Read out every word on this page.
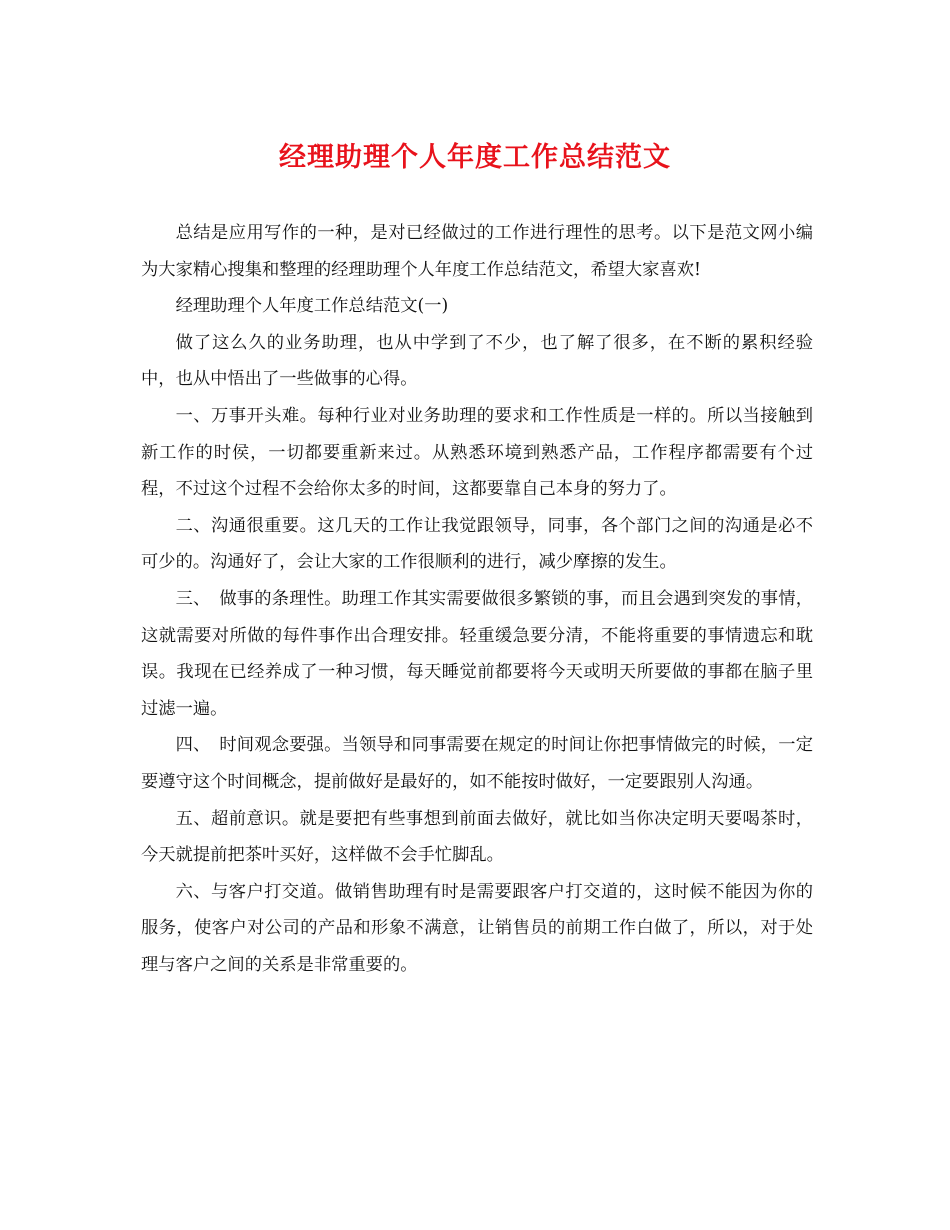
经理助理个人年度工作总结范文

总结是应用写作的一种，是对已经做过的工作进行理性的思考。以下是范文网小编为大家精心搜集和整理的经理助理个人年度工作总结范文，希望大家喜欢!

经理助理个人年度工作总结范文(一)

做了这么久的业务助理，也从中学到了不少，也了解了很多，在不断的累积经验中，也从中悟出了一些做事的心得。

一、万事开头难。每种行业对业务助理的要求和工作性质是一样的。所以当接触到新工作的时侯，一切都要重新来过。从熟悉环境到熟悉产品，工作程序都需要有个过程，不过这个过程不会给你太多的时间，这都要靠自己本身的努力了。

二、沟通很重要。这几天的工作让我觉跟领导，同事，各个部门之间的沟通是必不可少的。沟通好了，会让大家的工作很顺利的进行，减少摩擦的发生。

三、　做事的条理性。助理工作其实需要做很多繁锁的事，而且会遇到突发的事情，这就需要对所做的每件事作出合理安排。轻重缓急要分清，不能将重要的事情遗忘和耽误。我现在已经养成了一种习惯，每天睡觉前都要将今天或明天所要做的事都在脑子里过滤一遍。

四、　时间观念要强。当领导和同事需要在规定的时间让你把事情做完的时候，一定要遵守这个时间概念，提前做好是最好的，如不能按时做好，一定要跟别人沟通。

五、超前意识。就是要把有些事想到前面去做好，就比如当你决定明天要喝茶时，今天就提前把茶叶买好，这样做不会手忙脚乱。

六、与客户打交道。做销售助理有时是需要跟客户打交道的，这时候不能因为你的服务，使客户对公司的产品和形象不满意，让销售员的前期工作白做了，所以，对于处理与客户之间的关系是非常重要的。
